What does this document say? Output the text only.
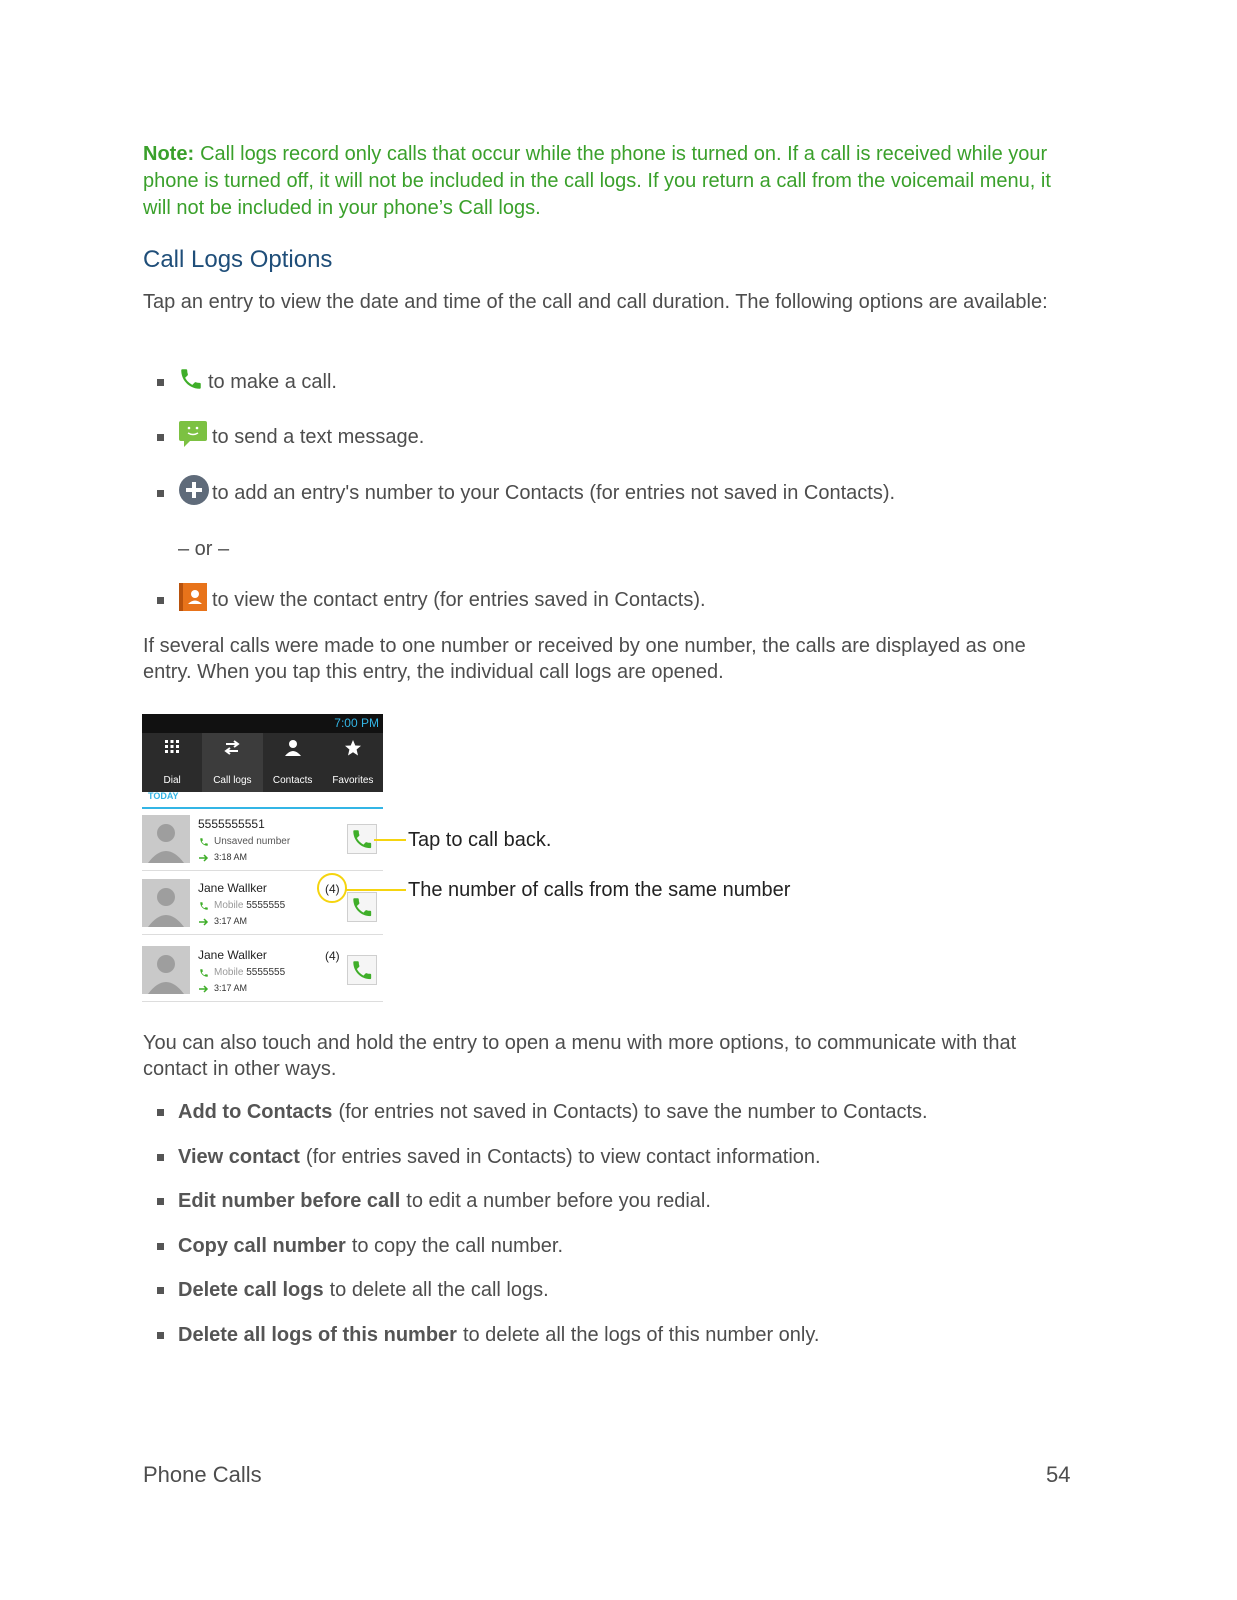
Note: Call logs record only calls that occur while the phone is turned on. If a call is received while your phone is turned off, it will not be included in the call logs. If you return a call from the voicemail menu, it will not be included in your phone’s Call logs.
Call Logs Options
Tap an entry to view the date and time of the call and call duration. The following options are available:
to make a call.
to send a text message.
to add an entry's number to your Contacts (for entries not saved in Contacts).
– or –
to view the contact entry (for entries saved in Contacts).
If several calls were made to one number or received by one number, the calls are displayed as one entry. When you tap this entry, the individual call logs are opened.
7:00 PM
Dial	Call logs	Contacts	Favorites
TODAY
5555555551
Unsaved number
3:18 AM
Jane Wallker
Mobile 5555555
3:17 AM
(4)
Jane Wallker
Mobile 5555555
3:17 AM
(4)
Tap to call back.
The number of calls from the same number
You can also touch and hold the entry to open a menu with more options, to communicate with that contact in other ways.
Add to Contacts (for entries not saved in Contacts) to save the number to Contacts.
View contact (for entries saved in Contacts) to view contact information.
Edit number before call to edit a number before you redial.
Copy call number to copy the call number.
Delete call logs to delete all the call logs.
Delete all logs of this number to delete all the logs of this number only.
Phone Calls	54
